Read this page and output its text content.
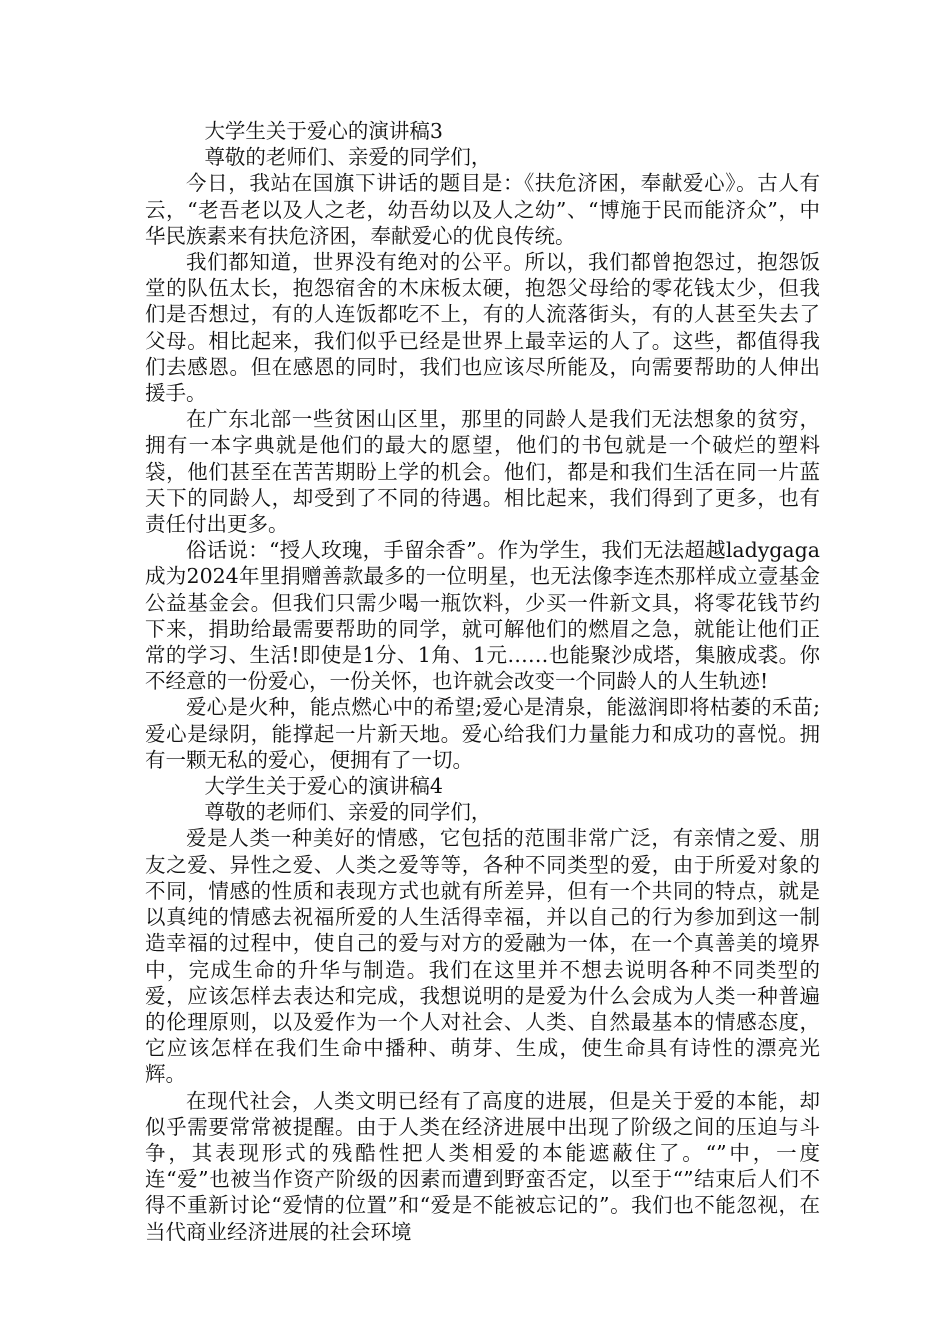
大学生关于爱心的演讲稿3

尊敬的老师们、亲爱的同学们，

今日，我站在国旗下讲话的题目是：《扶危济困，奉献爱心》。古人有云，“老吾老以及人之老，幼吾幼以及人之幼”、“博施于民而能济众”，中华民族素来有扶危济困，奉献爱心的优良传统。

我们都知道，世界没有绝对的公平。所以，我们都曾抱怨过，抱怨饭堂的队伍太长，抱怨宿舍的木床板太硬，抱怨父母给的零花钱太少，但我们是否想过，有的人连饭都吃不上，有的人流落街头，有的人甚至失去了父母。相比起来，我们似乎已经是世界上最幸运的人了。这些，都值得我们去感恩。但在感恩的同时，我们也应该尽所能及，向需要帮助的人伸出援手。

在广东北部一些贫困山区里，那里的同龄人是我们无法想象的贫穷，拥有一本字典就是他们的最大的愿望，他们的书包就是一个破烂的塑料袋，他们甚至在苦苦期盼上学的机会。他们，都是和我们生活在同一片蓝天下的同龄人，却受到了不同的待遇。相比起来，我们得到了更多，也有责任付出更多。

俗话说：“授人玫瑰，手留余香”。作为学生，我们无法超越ladygaga成为2024年里捐赠善款最多的一位明星，也无法像李连杰那样成立壹基金公益基金会。但我们只需少喝一瓶饮料，少买一件新文具，将零花钱节约下来，捐助给最需要帮助的同学，就可解他们的燃眉之急，就能让他们正常的学习、生活!即使是1分、1角、1元……也能聚沙成塔，集腋成裘。你不经意的一份爱心，一份关怀，也许就会改变一个同龄人的人生轨迹!

爱心是火种，能点燃心中的希望;爱心是清泉，能滋润即将枯萎的禾苗;爱心是绿阴，能撑起一片新天地。爱心给我们力量能力和成功的喜悦。拥有一颗无私的爱心，便拥有了一切。

大学生关于爱心的演讲稿4

尊敬的老师们、亲爱的同学们，

爱是人类一种美好的情感，它包括的范围非常广泛，有亲情之爱、朋友之爱、异性之爱、人类之爱等等，各种不同类型的爱，由于所爱对象的不同，情感的性质和表现方式也就有所差异，但有一个共同的特点，就是以真纯的情感去祝福所爱的人生活得幸福，并以自己的行为参加到这一制造幸福的过程中，使自己的爱与对方的爱融为一体，在一个真善美的境界中，完成生命的升华与制造。我们在这里并不想去说明各种不同类型的爱，应该怎样去表达和完成，我想说明的是爱为什么会成为人类一种普遍的伦理原则，以及爱作为一个人对社会、人类、自然最基本的情感态度，它应该怎样在我们生命中播种、萌芽、生成，使生命具有诗性的漂亮光辉。

在现代社会，人类文明已经有了高度的进展，但是关于爱的本能，却似乎需要常常被提醒。由于人类在经济进展中出现了阶级之间的压迫与斗争，其表现形式的残酷性把人类相爱的本能遮蔽住了。“”中，一度连“爱”也被当作资产阶级的因素而遭到野蛮否定，以至于“”结束后人们不得不重新讨论“爱情的位置”和“爱是不能被忘记的”。我们也不能忽视，在当代商业经济进展的社会环境
